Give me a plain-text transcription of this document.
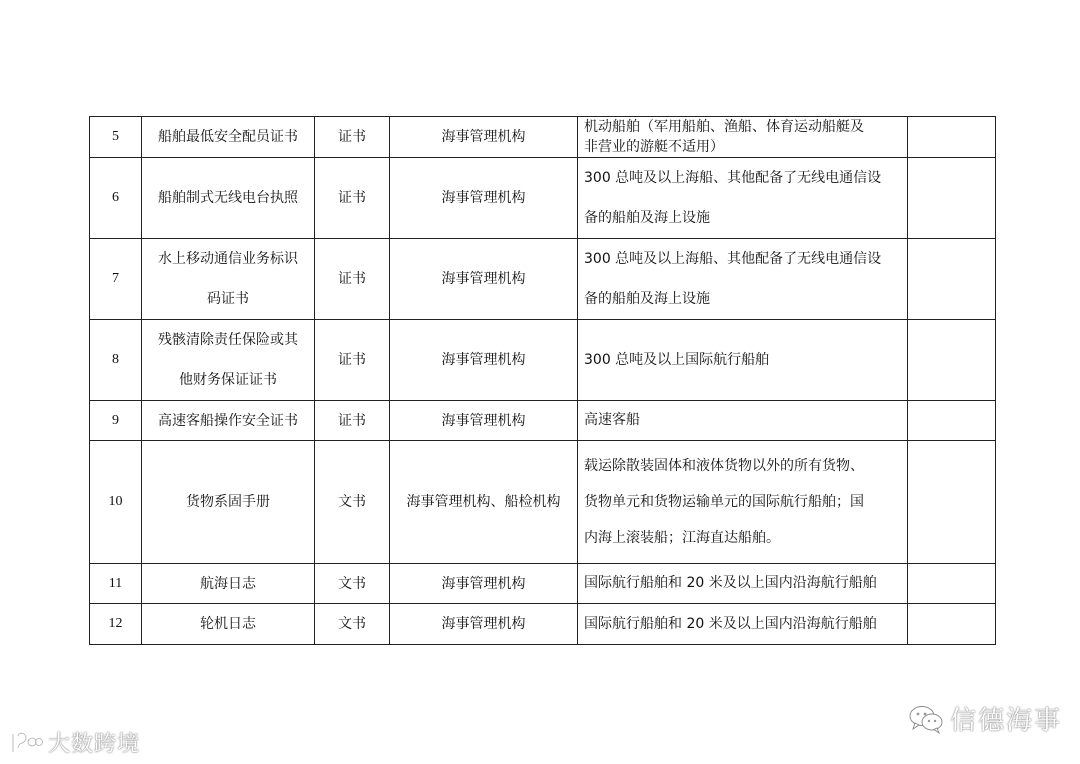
5	船舶最低安全配员证书	证书	海事管理机构	机动船舶（军用船舶、渔船、体育运动船艇及
非营业的游艇不适用）	
6	船舶制式无线电台执照	证书	海事管理机构	300 总吨及以上海船、其他配备了无线电通信设
备的船舶及海上设施	
7	水上移动通信业务标识
码证书	证书	海事管理机构	300 总吨及以上海船、其他配备了无线电通信设
备的船舶及海上设施	
8	残骸清除责任保险或其
他财务保证证书	证书	海事管理机构	300 总吨及以上国际航行船舶	
9	高速客船操作安全证书	证书	海事管理机构	高速客船	
10	货物系固手册	文书	海事管理机构、船检机构	载运除散装固体和液体货物以外的所有货物、
货物单元和货物运输单元的国际航行船舶；国
内海上滚装船；江海直达船舶。	
11	航海日志	文书	海事管理机构	国际航行船舶和 20 米及以上国内沿海航行船舶	
12	轮机日志	文书	海事管理机构	国际航行船舶和 20 米及以上国内沿海航行船舶	
大数跨境
信德海事
